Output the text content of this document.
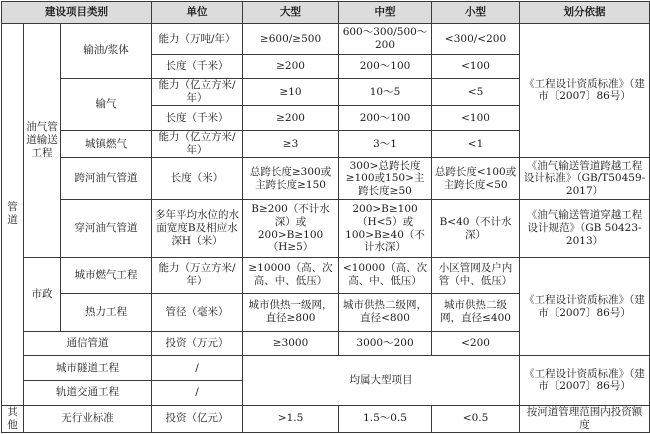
建设项目类别			单位	大型	中型	小型	划分依据
管道	油气管道输送工程	输油/浆体	能力（万吨/年）	≥600/≥500	600～300/500～200	<300/<200	《工程设计资质标准》（建市〔2007〕86号）
			长度（千米）	≥200	200～100	<100	
		输气	能力（亿立方米/年）	≥10	10～5	<5	
			长度（千米）	≥200	200～100	<100	
		城镇燃气	能力（亿立方米/年）	≥3	3～1	<1	
		跨河油气管道	长度（米）	总跨长度≥300或主跨长度≥150	300>总跨长度≥100或150>主跨长度≥50	总跨长度<100或主跨长度<50	《油气输送管道跨越工程设计标准》（GB/T50459-2017）
		穿河油气管道	多年平均水位的水面宽度B及相应水深H（米）	B≥200（不计水深）或200>B≥100（H≥5）	200>B≥100（H<5）或100>B≥40（不计水深）	B<40（不计水深）	《油气输送管道穿越工程设计规范》（GB 50423-2013）
	市政	城市燃气工程	能力（万立方米/年）	≥10000（高、次高、中、低压）	<10000（高、次高、中、低压）	小区管网及户内管（中、低压）	《工程设计资质标准》（建市〔2007〕86号）
		热力工程	管径（毫米）	城市供热一级网，直径≥800	城市供热二级网，直径<800	城市供热二级网，直径≤400	
	通信管道		投资（万元）	≥3000	3000～200	<200	
	城市隧道工程		/	均属大型项目			《工程设计资质标准》（建市〔2007〕86号）
	轨道交通工程		/				
其他	无行业标准		投资（亿元）	>1.5	1.5～0.5	<0.5	按河道管理范围内投资额度
